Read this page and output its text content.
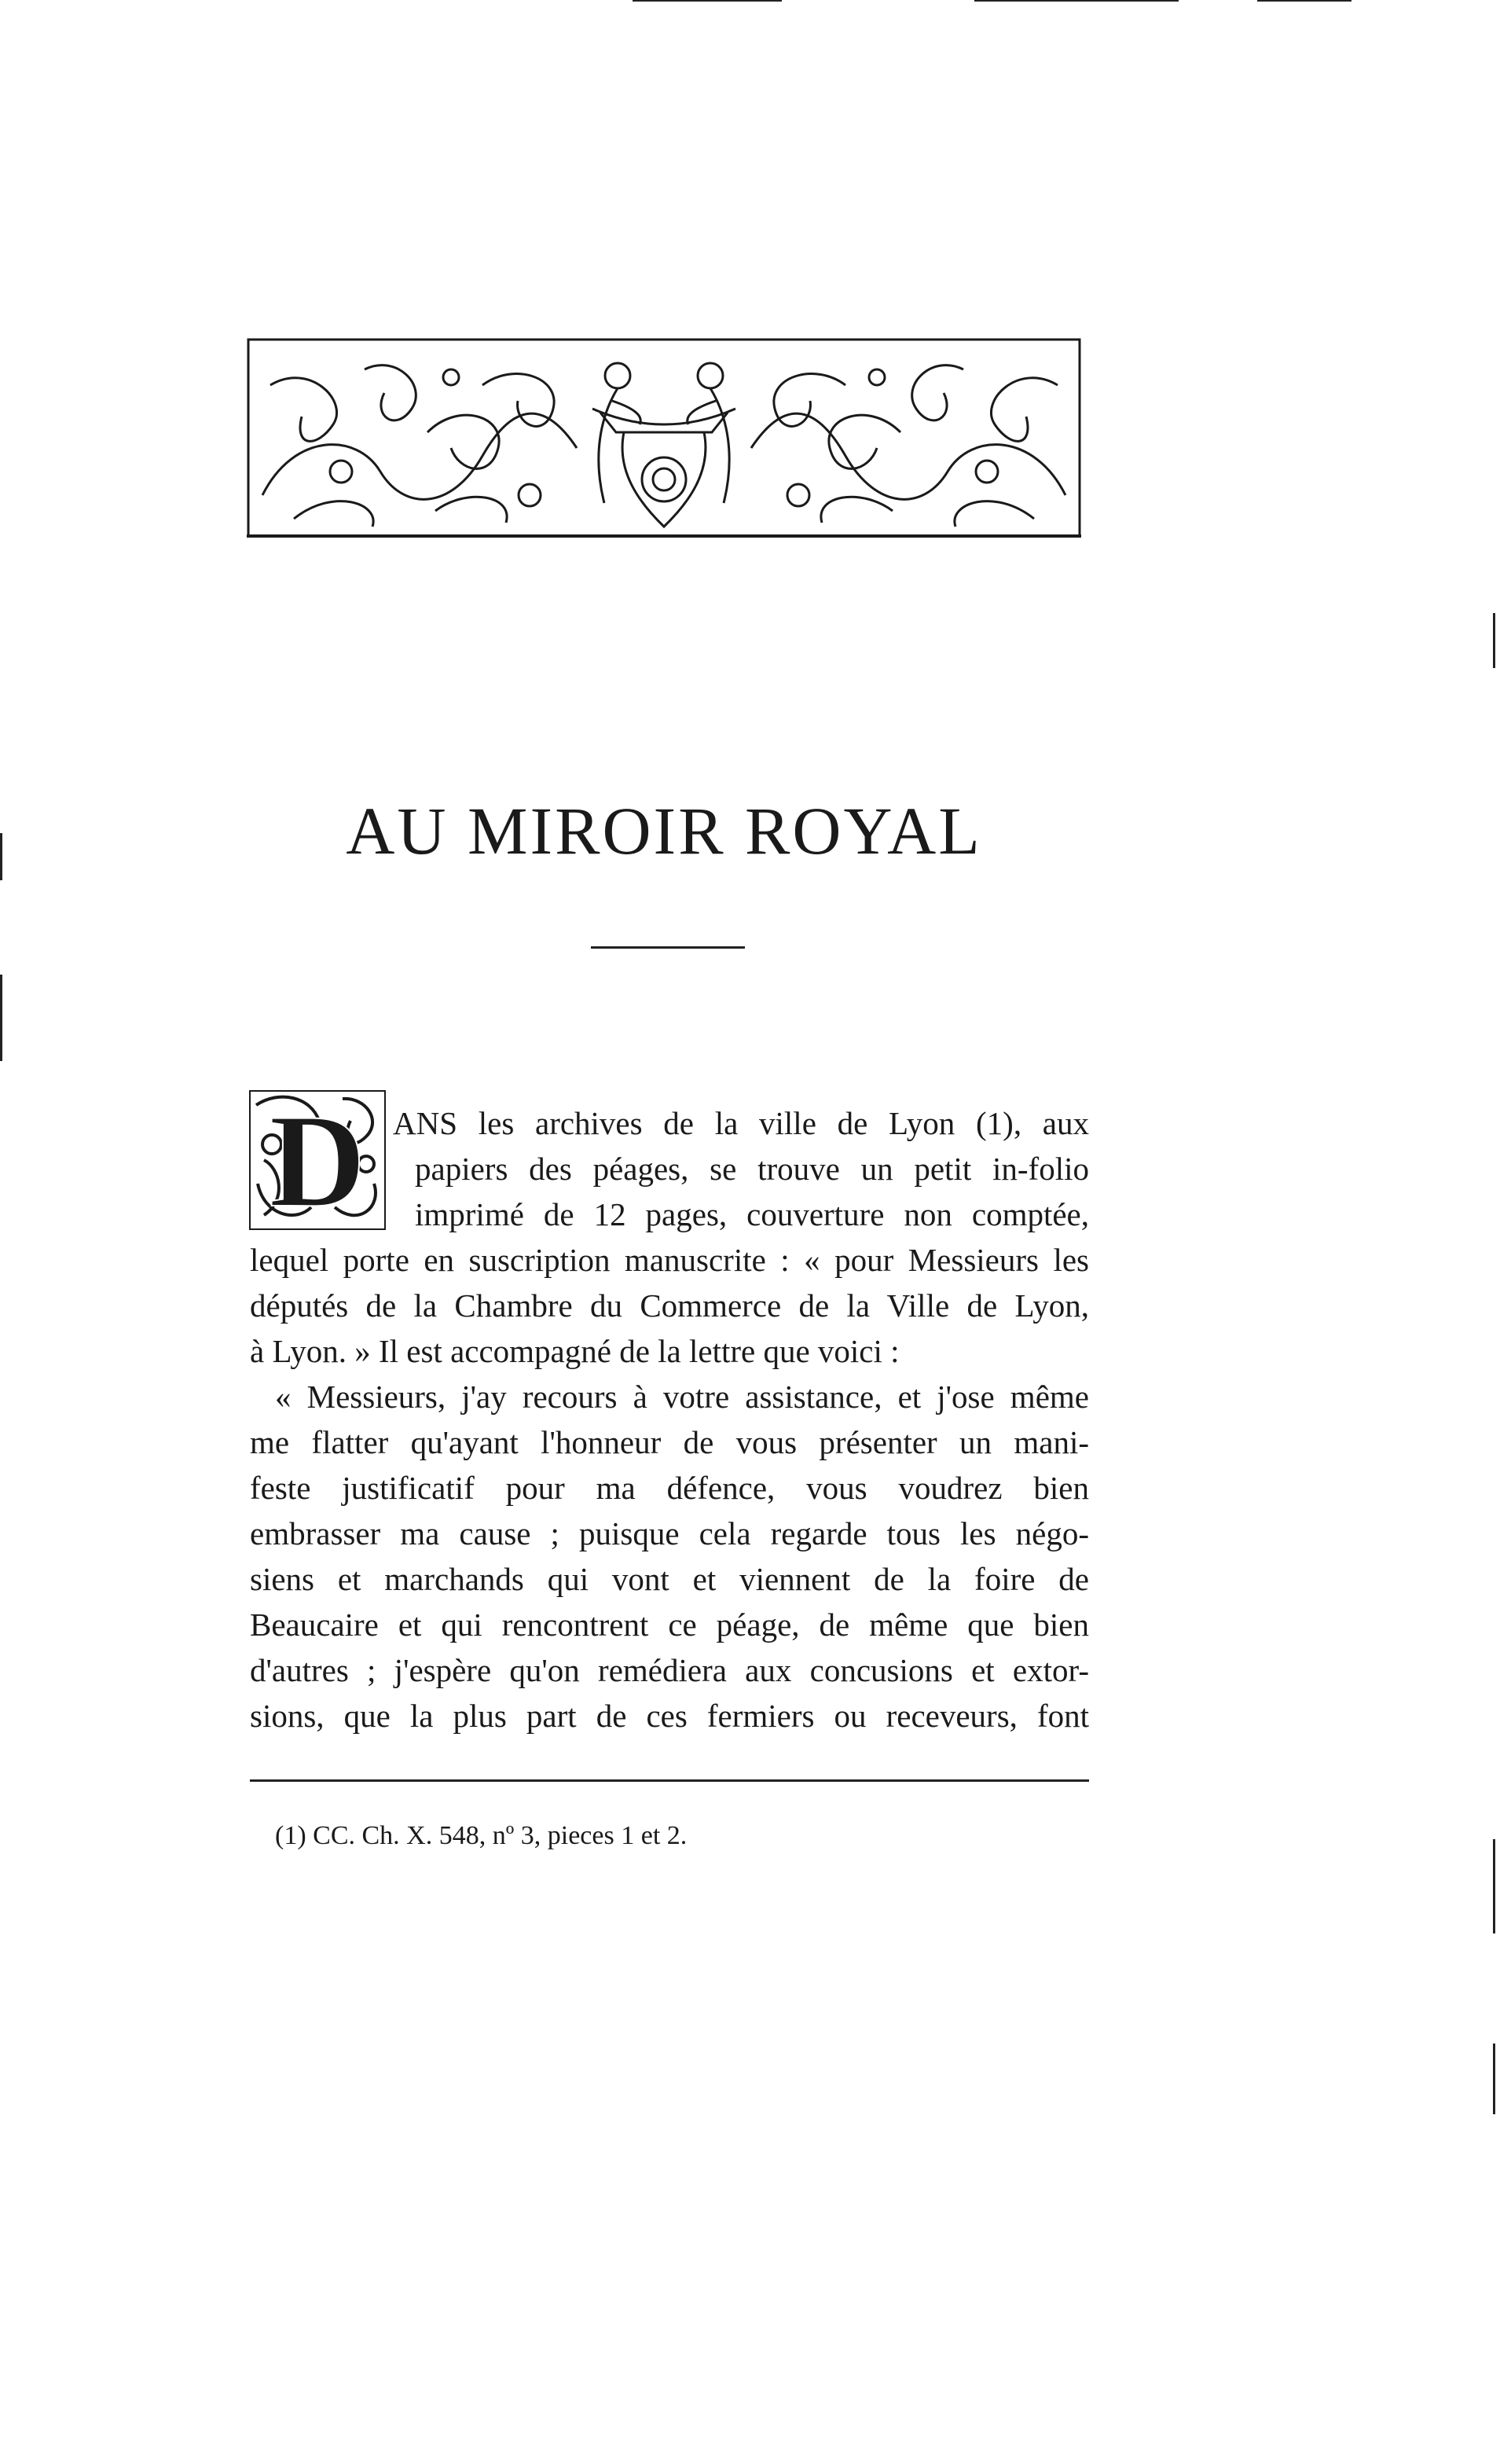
AU MIROIR ROYAL
D ANS les archives de la ville de Lyon (1), aux
papiers des péages, se trouve un petit in-folio
imprimé de 12 pages, couverture non comptée,
lequel porte en suscription manuscrite : « pour Messieurs les
députés de la Chambre du Commerce de la Ville de Lyon,
à Lyon. » Il est accompagné de la lettre que voici :
« Messieurs, j'ay recours à votre assistance, et j'ose même
me flatter qu'ayant l'honneur de vous présenter un mani-
feste justificatif pour ma défence, vous voudrez bien
embrasser ma cause ; puisque cela regarde tous les négo-
siens et marchands qui vont et viennent de la foire de
Beaucaire et qui rencontrent ce péage, de même que bien
d'autres ; j'espère qu'on remédiera aux concusions et extor-
sions, que la plus part de ces fermiers ou receveurs, font
(1) CC. Ch. X. 548, nº 3, pieces 1 et 2.
